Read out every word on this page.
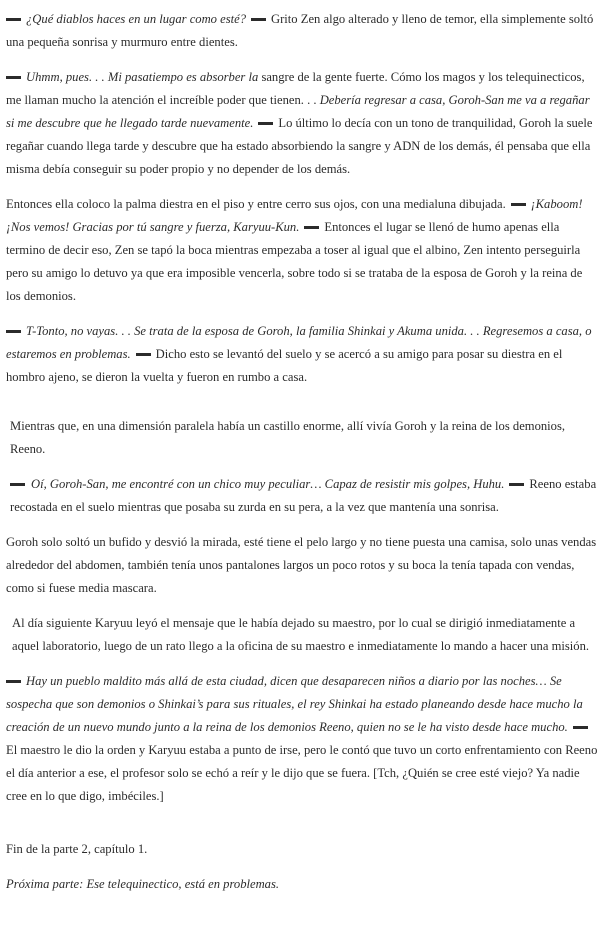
¿Qué diablos haces en un lugar como esté? Grito Zen algo alterado y lleno de temor, ella simplemente soltó una pequeña sonrisa y murmuro entre dientes.

Uhmm, pues. . . Mi pasatiempo es absorber la sangre de la gente fuerte. Cómo los magos y los telequinecticos, me llaman mucho la atención el increíble poder que tienen. . . Debería regresar a casa, Goroh-San me va a regañar si me descubre que he llegado tarde nuevamente. Lo último lo decía con un tono de tranquilidad, Goroh la suele regañar cuando llega tarde y descubre que ha estado absorbiendo la sangre y ADN de los demás, él pensaba que ella misma debía conseguir su poder propio y no depender de los demás.

Entonces ella coloco la palma diestra en el piso y entre cerro sus ojos, con una medialuna dibujada. ¡Kaboom! ¡Nos vemos! Gracias por tú sangre y fuerza, Karyuu-Kun. Entonces el lugar se llenó de humo apenas ella termino de decir eso, Zen se tapó la boca mientras empezaba a toser al igual que el albino, Zen intento perseguirla pero su amigo lo detuvo ya que era imposible vencerla, sobre todo si se trataba de la esposa de Goroh y la reina de los demonios.

T-Tonto, no vayas. . . Se trata de la esposa de Goroh, la familia Shinkai y Akuma unida. . . Regresemos a casa, o estaremos en problemas. Dicho esto se levantó del suelo y se acercó a su amigo para posar su diestra en el hombro ajeno, se dieron la vuelta y fueron en rumbo a casa.

Mientras que, en una dimensión paralela había un castillo enorme, allí vivía Goroh y la reina de los demonios, Reeno.

Oí, Goroh-San, me encontré con un chico muy peculiar… Capaz de resistir mis golpes, Huhu. Reeno estaba recostada en el suelo mientras que posaba su zurda en su pera, a la vez que mantenía una sonrisa.

Goroh solo soltó un bufido y desvió la mirada, esté tiene el pelo largo y no tiene puesta una camisa, solo unas vendas alrededor del abdomen, también tenía unos pantalones largos un poco rotos y su boca la tenía tapada con vendas, como si fuese media mascara.

Al día siguiente Karyuu leyó el mensaje que le había dejado su maestro, por lo cual se dirigió inmediatamente a aquel laboratorio, luego de un rato llego a la oficina de su maestro e inmediatamente lo mando a hacer una misión.

Hay un pueblo maldito más allá de esta ciudad, dicen que desaparecen niños a diario por las noches… Se sospecha que son demonios o Shinkai’s para sus rituales, el rey Shinkai ha estado planeando desde hace mucho la creación de un nuevo mundo junto a la reina de los demonios Reeno, quien no se le ha visto desde hace mucho.El maestro le dio la orden y Karyuu estaba a punto de irse, pero le contó que tuvo un corto enfrentamiento con Reeno el día anterior a ese, el profesor solo se echó a reír y le dijo que se fuera. [Tch, ¿Quién se cree esté viejo? Ya nadie cree en lo que digo, imbéciles.]

Fin de la parte 2, capítulo 1.

Próxima parte: Ese telequinectico, está en problemas.
